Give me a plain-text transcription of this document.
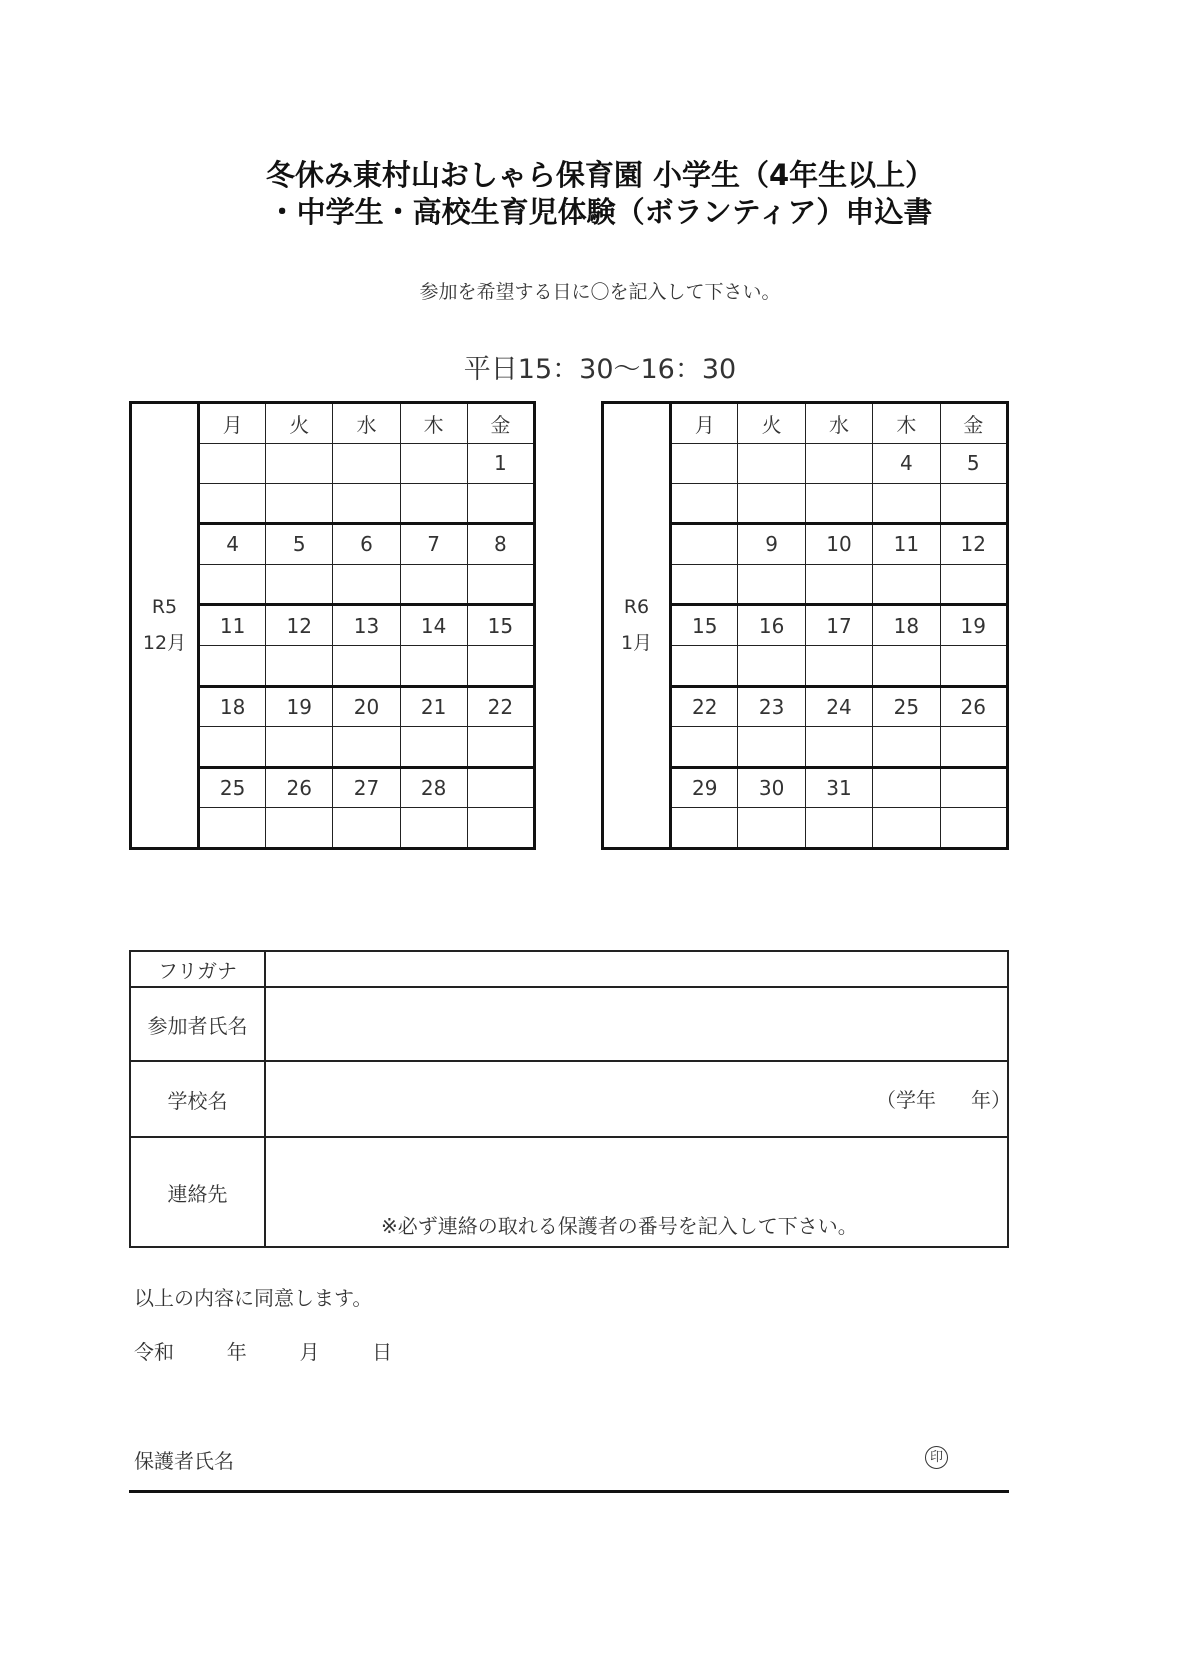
冬休み東村山おしゃら保育園 小学生（4年生以上）
・中学生・高校生育児体験（ボランティア）申込書
参加を希望する日に〇を記入して下さい。
平日15：30〜16：30
R5
12月	月	火	水	木	金
					1

	4	5	6	7	8

	11	12	13	14	15

	18	19	20	21	22

	25	26	27	28	

R6
1月	月	火	水	木	金
				4	5

		9	10	11	12

	15	16	17	18	19

	22	23	24	25	26

	29	30	31		

フリガナ	
参加者氏名	
学校名	（学年 年）

連絡先	※必ず連絡の取れる保護者の番号を記入して下さい。
以上の内容に同意します。
令和	年	月	日
保護者氏名	印
